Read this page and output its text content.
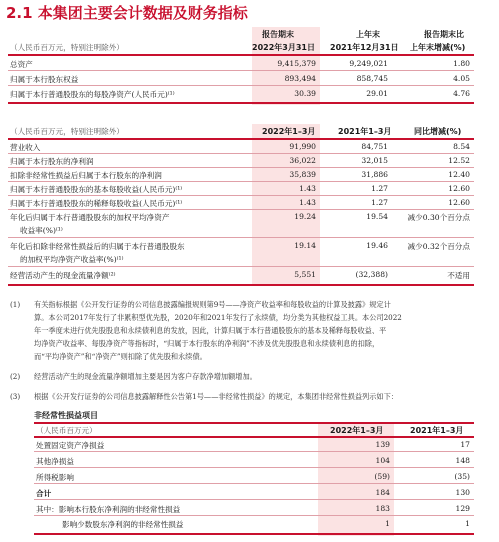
2.1 本集团主要会计数据及财务指标
报告期末	上年末	报告期末比
（人民币百万元，特别注明除外）	2022年3月31日 2021年12月31日 上年末增减(%)
总资产	9,415,379	9,249,021	1.80
归属于本行股东权益	893,494	858,745	4.05
归属于本行普通股股东的每股净资产(人民币元)⁽¹⁾	30.39	29.01	4.76
（人民币百万元，特别注明除外）	2022年1–3月	2021年1–3月	同比增减(%)
营业收入	91,990	84,751	8.54
归属于本行股东的净利润	36,022	32,015	12.52
扣除非经常性损益后归属于本行股东的净利润	35,839	31,886	12.40
归属于本行普通股股东的基本每股收益(人民币元)⁽¹⁾	1.43	1.27	12.60
归属于本行普通股股东的稀释每股收益(人民币元)⁽¹⁾	1.43	1.27	12.60
年化后归属于本行普通股股东的加权平均净资产
收益率(%)⁽¹⁾
19.24	19.54	减少0.30个百分点
年化后扣除非经常性损益后的归属于本行普通股股东
的加权平均净资产收益率(%)⁽¹⁾
19.14	19.46	减少0.32个百分点
经营活动产生的现金流量净额⁽²⁾	5,551	(32,388)	不适用
(1) 有关指标根据《公开发行证券的公司信息披露编报规则第9号——净资产收益率和每股收益的计算及披露》规定计
算。本公司2017年发行了非累积型优先股，2020年和2021年发行了永续债，均分类为其他权益工具。本公司2022
年一季度未进行优先股股息和永续债利息的发放，因此，计算归属于本行普通股股东的基本及稀释每股收益、平
均净资产收益率、每股净资产等指标时，“归属于本行股东的净利润”不涉及优先股股息和永续债利息的扣除，
而“平均净资产”和“净资产”则扣除了优先股和永续债。
(2) 经营活动产生的现金流量净额增加主要是因为客户存款净增加额增加。
(3) 根据《公开发行证券的公司信息披露解释性公告第1号——非经常性损益》的规定，本集团非经常性损益列示如下：
非经常性损益项目
（人民币百万元）	2022年1–3月	2021年1–3月
处置固定资产净损益	139	17
其他净损益	104	148
所得税影响	(59)	(35)
合计	184	130
其中：影响本行股东净利润的非经常性损益	183	129
影响少数股东净利润的非经常性损益	1	1
